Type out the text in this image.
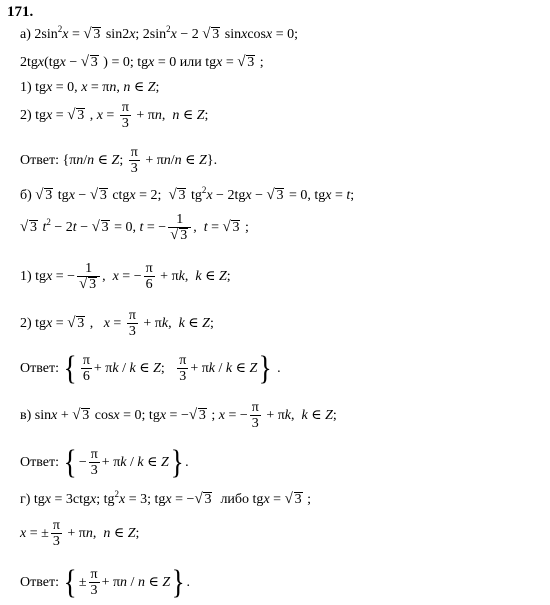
171.
а) $2\sin^2x$ = √ 3 sin2x; $2\sin^2x - 2$ √ 3 sinxcosx = 0;
2tgx(tgx − √ 3 ) = 0; tgx = 0 или tgx = √ 3 ;
1) tgx = 0, x = πn, n ∈ Z;
2) tgx = √ 3 , $x = \frac{\pi}{3} + \pi n$,  n ∈ Z;
Ответ: {πn/n ∈ Z; $\frac{\pi}{3} + \pi n/n$ ∈ Z}.
б) √ 3 tgx − √ 3 ctgx = 2;  √ 3 $tg^2x - 2tgx$ − √ 3 = 0, tgx = t;
√ 3 $t^2 - 2t$ − √ 3 = 0, t = − 1
√ 3 ,  t = √ 3 ;
1) tgx = − 1
√ 3 ,  x = − $\frac{\pi}{6} + \pi k$,  k ∈ Z;
2) tgx = √ 3 ,   $x = \frac{\pi}{3} + \pi k$,  k ∈ Z;
Ответ: { $\frac{\pi}{6} + \pi k / k$ ∈ Z; $\frac{\pi}{3} + \pi k / k$ ∈ Z} .
в) sinx + √ 3 cosx = 0; tgx = − √ 3 ; x = − $\frac{\pi}{3} + \pi k$,  k ∈ Z;
Ответ: { − $\frac{\pi}{3} + \pi k / k$ ∈ Z} .
г) tgx = 3ctgx; $tg^2x = 3$; tgx = − √ 3 либо tgx = √ 3 ;
x = ± $\frac{\pi}{3} + \pi n$,  n ∈ Z;
Ответ: { ± $\frac{\pi}{3} + \pi n / n$ ∈ Z} .
